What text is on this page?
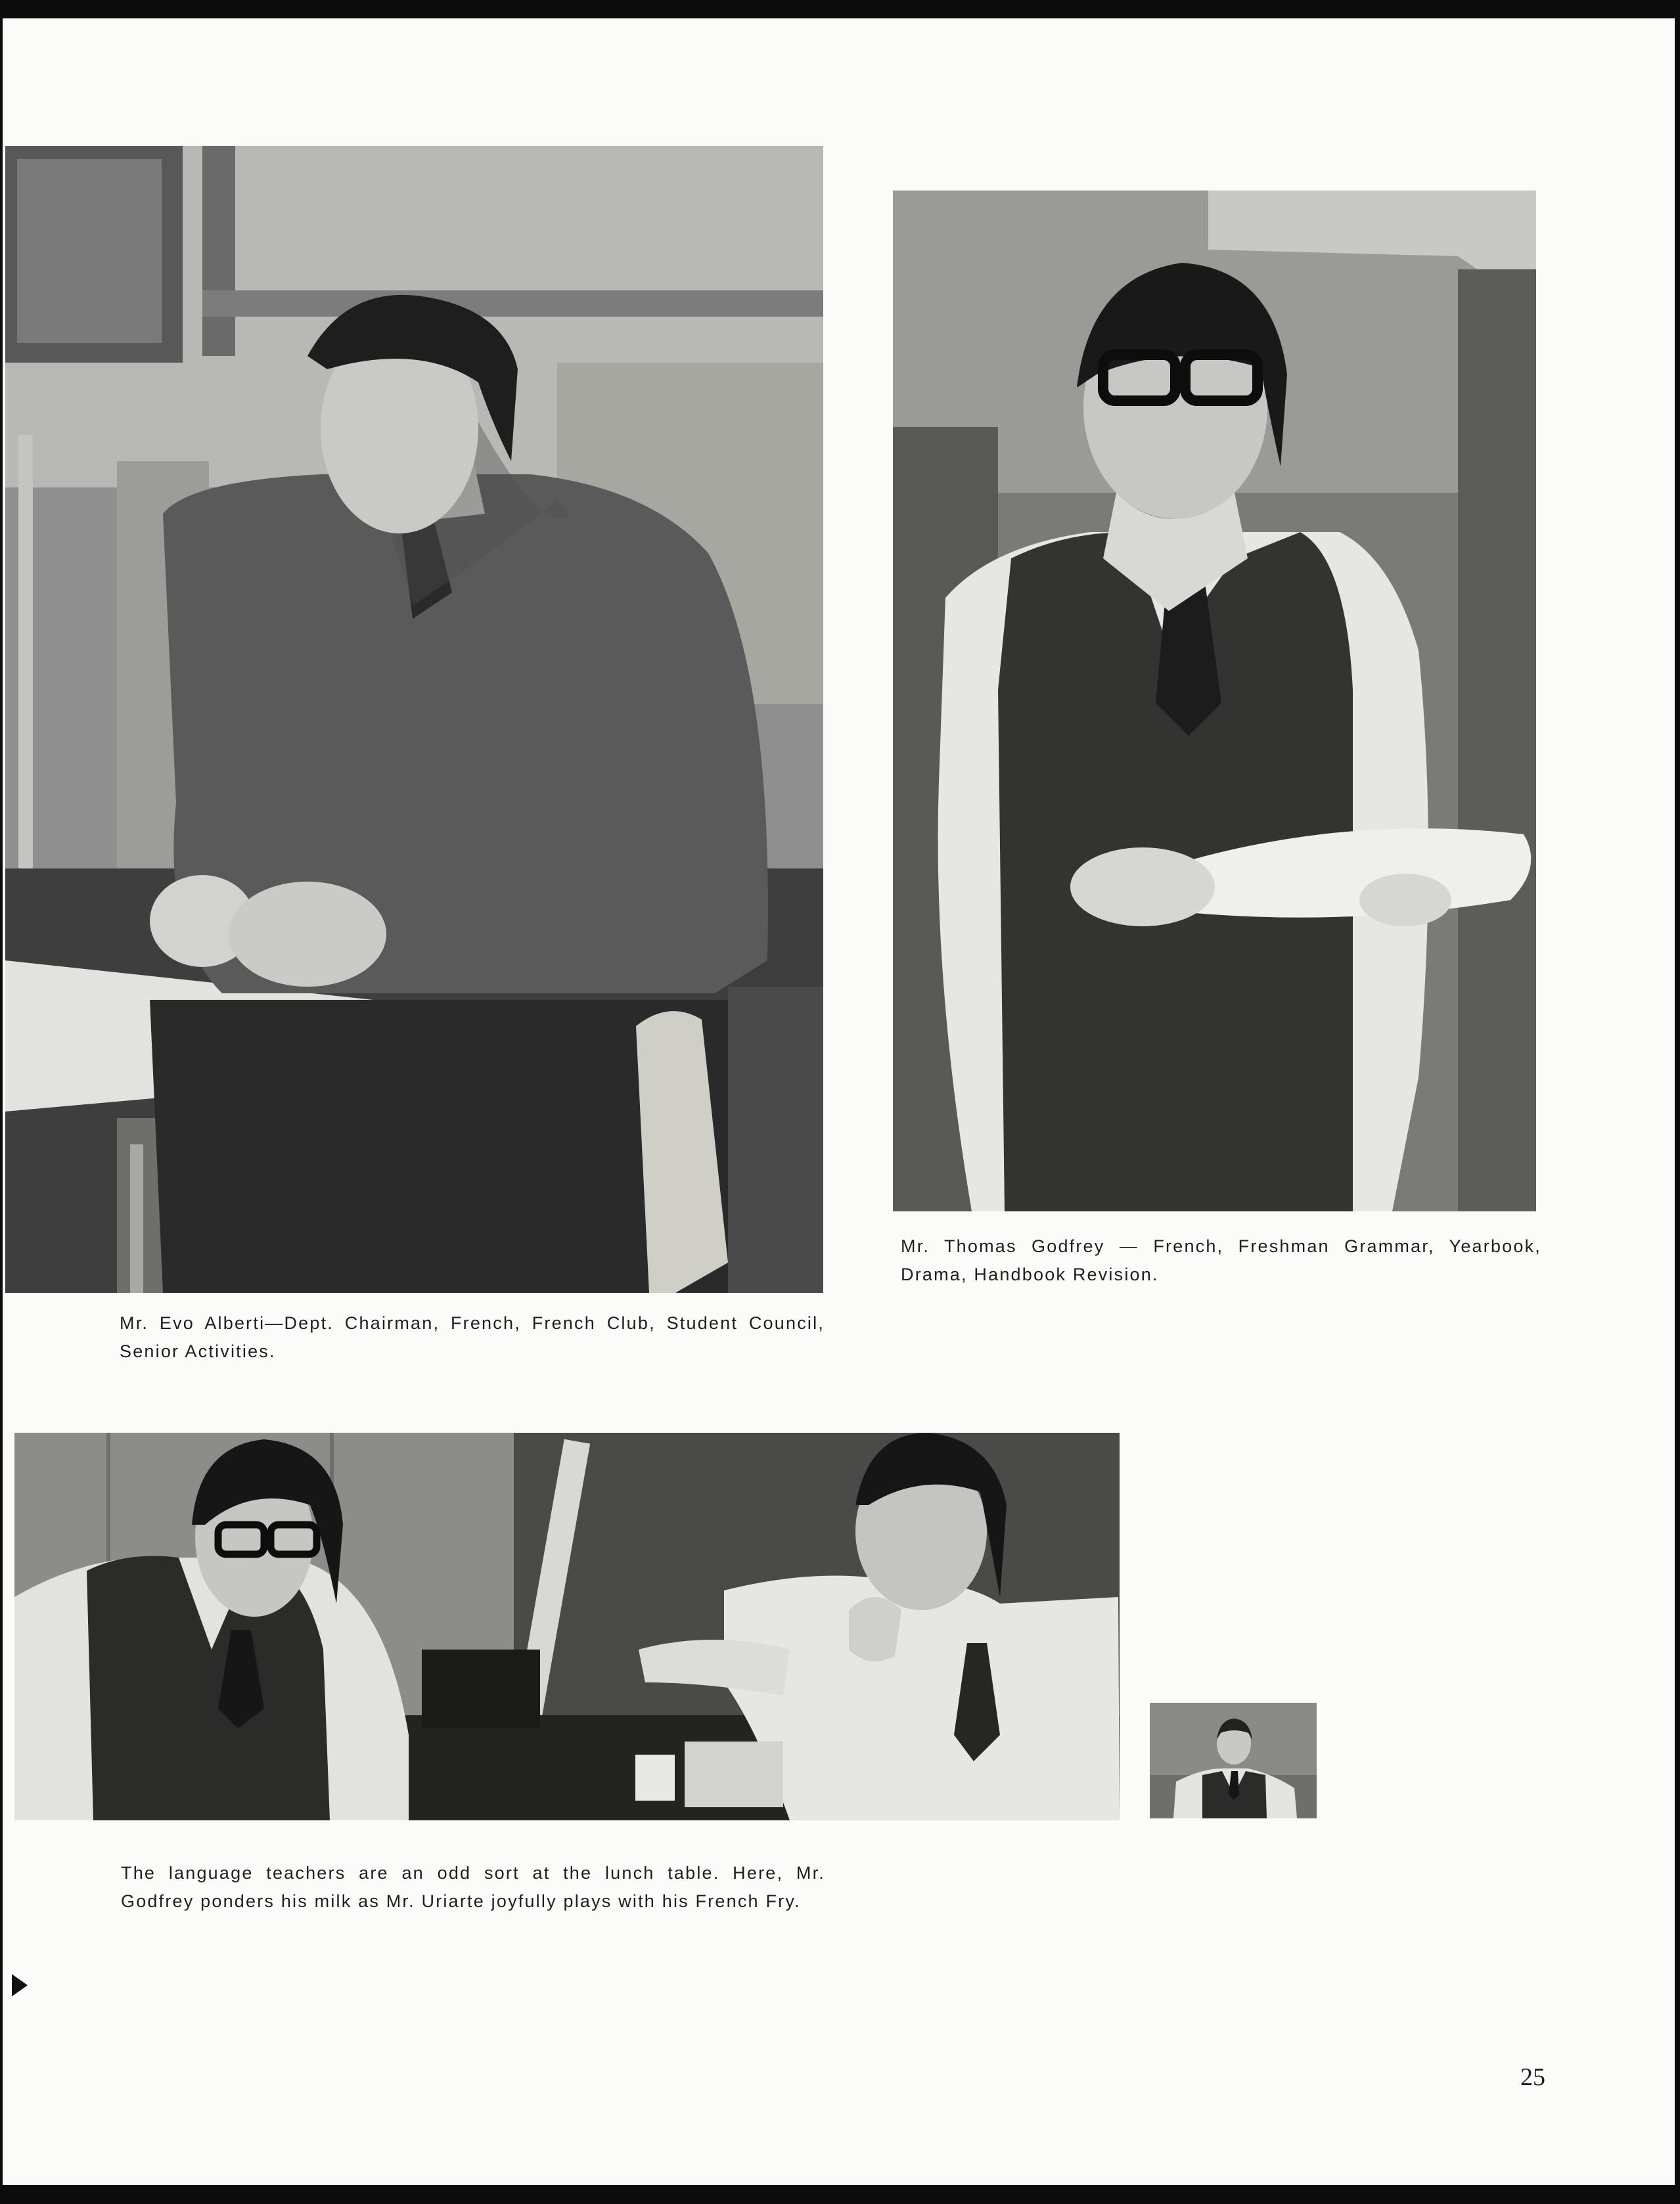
Mr. Evo Alberti—Dept. Chairman, French, French Club, Student Council, Senior Activities.

Mr. Thomas Godfrey — French, Freshman Grammar, Yearbook, Drama, Handbook Revision.

The language teachers are an odd sort at the lunch table. Here, Mr. Godfrey ponders his milk as Mr. Uriarte joyfully plays with his French Fry.

25
